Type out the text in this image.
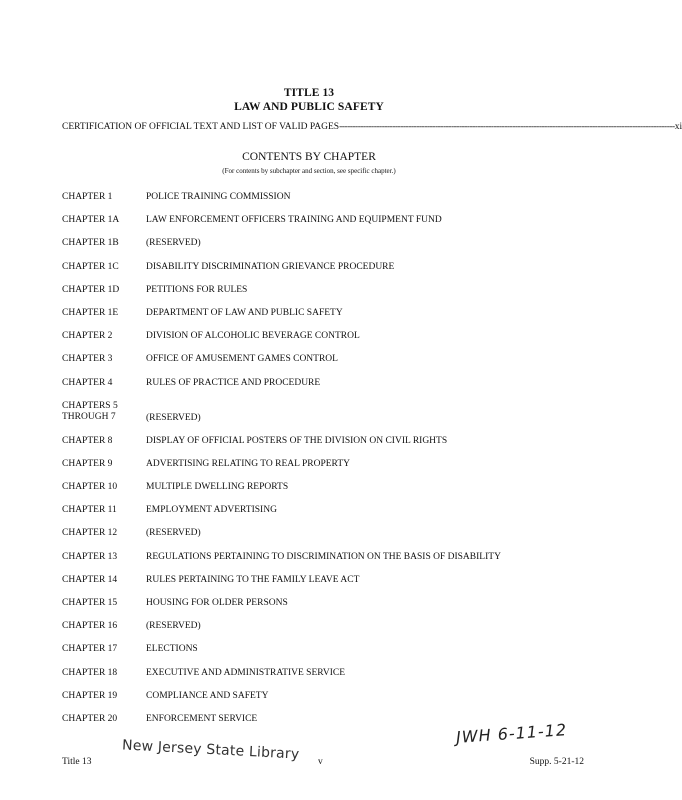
TITLE 13
LAW AND PUBLIC SAFETY
CERTIFICATION OF OFFICIAL TEXT AND LIST OF VALID PAGES ------------------------------------------------------------------------------------------------------------------------------ xi
CONTENTS BY CHAPTER
(For contents by subchapter and section, see specific chapter.)
CHAPTER 1	POLICE TRAINING COMMISSION
CHAPTER 1A	LAW ENFORCEMENT OFFICERS TRAINING AND EQUIPMENT FUND
CHAPTER 1B	(RESERVED)
CHAPTER 1C	DISABILITY DISCRIMINATION GRIEVANCE PROCEDURE
CHAPTER 1D	PETITIONS FOR RULES
CHAPTER 1E	DEPARTMENT OF LAW AND PUBLIC SAFETY
CHAPTER 2	DIVISION OF ALCOHOLIC BEVERAGE CONTROL
CHAPTER 3	OFFICE OF AMUSEMENT GAMES CONTROL
CHAPTER 4	RULES OF PRACTICE AND PROCEDURE
CHAPTERS 5
THROUGH 7	(RESERVED)
CHAPTER 8	DISPLAY OF OFFICIAL POSTERS OF THE DIVISION ON CIVIL RIGHTS
CHAPTER 9	ADVERTISING RELATING TO REAL PROPERTY
CHAPTER 10	MULTIPLE DWELLING REPORTS
CHAPTER 11	EMPLOYMENT ADVERTISING
CHAPTER 12	(RESERVED)
CHAPTER 13	REGULATIONS PERTAINING TO DISCRIMINATION ON THE BASIS OF DISABILITY
CHAPTER 14	RULES PERTAINING TO THE FAMILY LEAVE ACT
CHAPTER 15	HOUSING FOR OLDER PERSONS
CHAPTER 16	(RESERVED)
CHAPTER 17	ELECTIONS
CHAPTER 18	EXECUTIVE AND ADMINISTRATIVE SERVICE
CHAPTER 19	COMPLIANCE AND SAFETY
CHAPTER 20	ENFORCEMENT SERVICE
JWH 6-11-12
Title 13 New Jersey State Library v	Supp. 5-21-12
